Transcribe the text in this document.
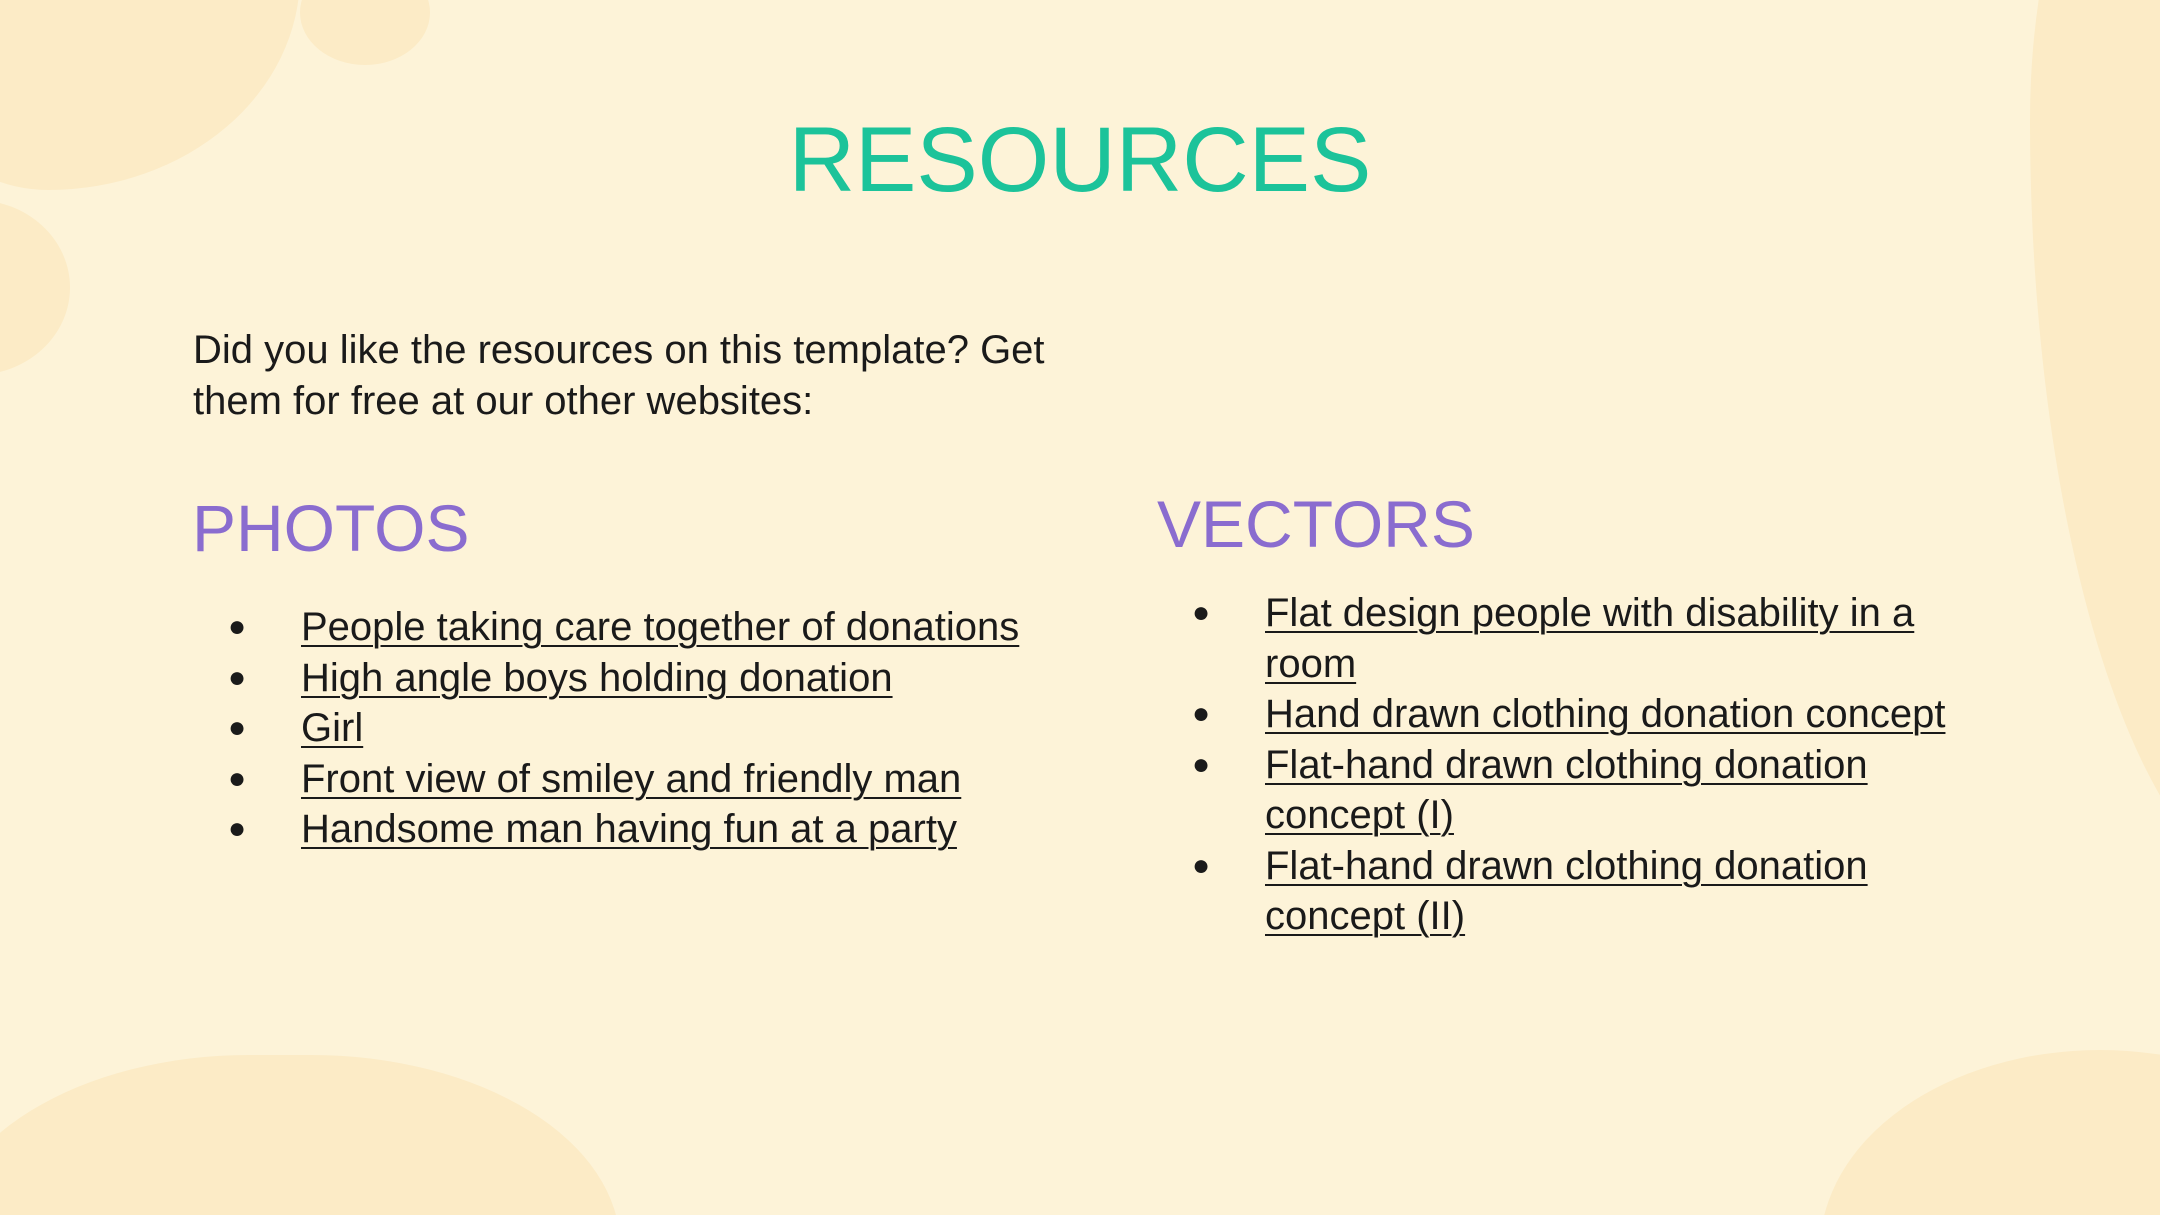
RESOURCES

Did you like the resources on this template? Get them for free at our other websites:

PHOTOS
● People taking care together of donations
● High angle boys holding donation
● Girl
● Front view of smiley and friendly man
● Handsome man having fun at a party
VECTORS
● Flat design people with disability in a room
● Hand drawn clothing donation concept
● Flat-hand drawn clothing donation concept (I)
● Flat-hand drawn clothing donation concept (II)
